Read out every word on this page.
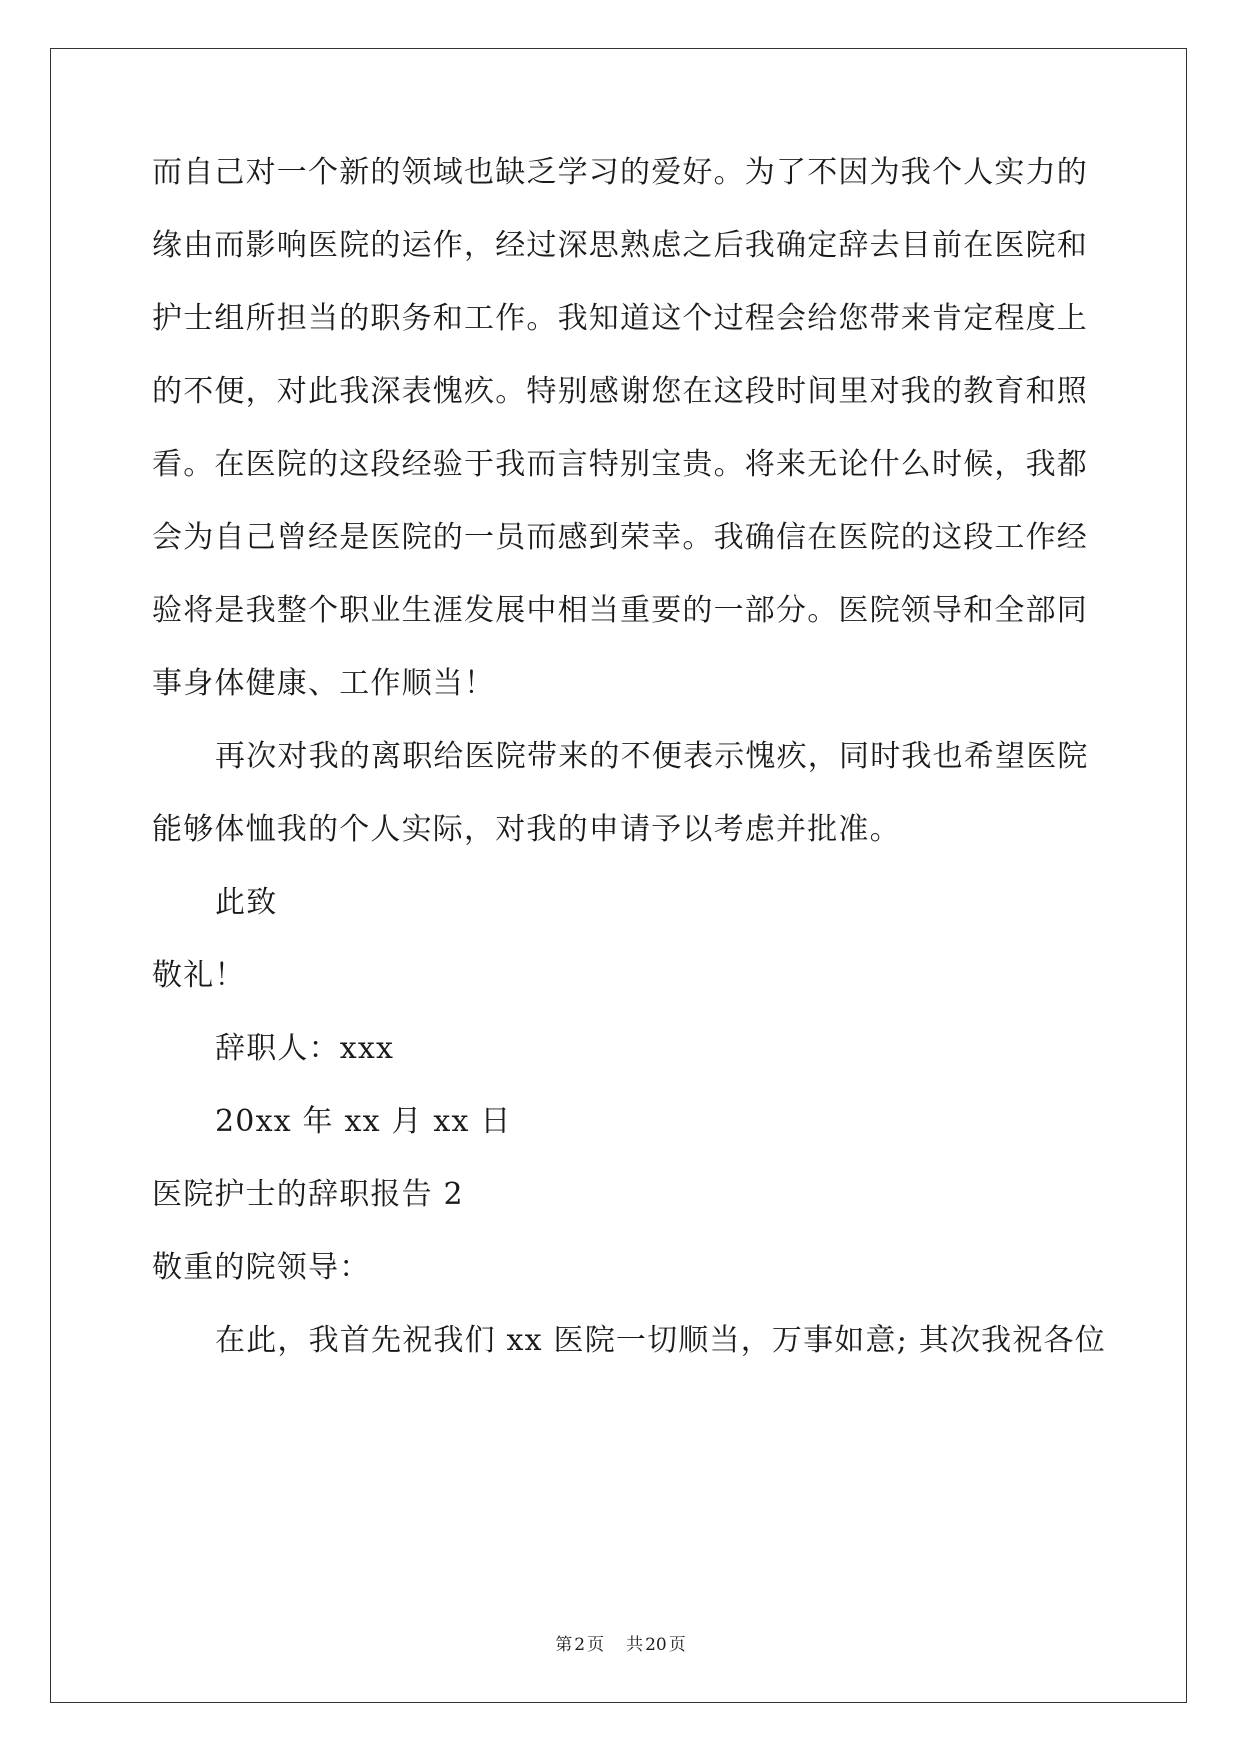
而自己对一个新的领域也缺乏学习的爱好。为了不因为我个人实力的
缘由而影响医院的运作，经过深思熟虑之后我确定辞去目前在医院和
护士组所担当的职务和工作。我知道这个过程会给您带来肯定程度上
的不便，对此我深表愧疚。特别感谢您在这段时间里对我的教育和照
看。在医院的这段经验于我而言特别宝贵。将来无论什么时候，我都
会为自己曾经是医院的一员而感到荣幸。我确信在医院的这段工作经
验将是我整个职业生涯发展中相当重要的一部分。医院领导和全部同
事身体健康、工作顺当！
再次对我的离职给医院带来的不便表示愧疚，同时我也希望医院
能够体恤我的个人实际，对我的申请予以考虑并批准。
此致
敬礼！
辞职人：xxx
20xx 年 xx 月 xx 日
医院护士的辞职报告 2
敬重的院领导：
在此，我首先祝我们 xx 医院一切顺当，万事如意; 其次我祝各位
第 2 页 共 20 页
